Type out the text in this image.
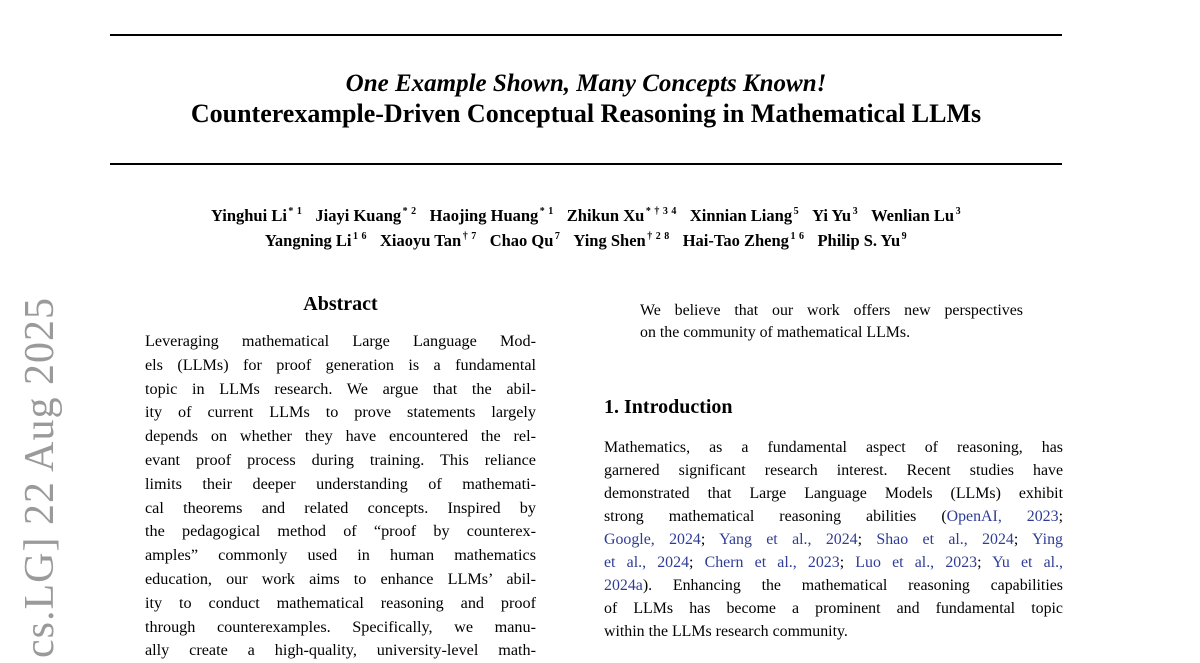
cs.LG] 22 Aug 2025
One Example Shown, Many Concepts Known!
Counterexample-Driven Conceptual Reasoning in Mathematical LLMs
Yinghui Li $^{* 1}$ Jiayi Kuang $^{* 2}$ Haojing Huang $^{* 1}$ Zhikun Xu $^{* \dagger 3 4}$ Xinnian Liang $^5$ Yi Yu $^3$ Wenlian Lu $^3$
Yangning Li $^{1 6}$ Xiaoyu Tan $^{\dagger 7}$ Chao Qu $^7$ Ying Shen $^{\dagger 2 8}$ Hai-Tao Zheng $^{1 6}$ Philip S. Yu $^9$
Abstract
Leveraging mathematical Large Language Mod-
els (LLMs) for proof generation is a fundamental
topic in LLMs research. We argue that the abil-
ity of current LLMs to prove statements largely
depends on whether they have encountered the rel-
evant proof process during training. This reliance
limits their deeper understanding of mathemati-
cal theorems and related concepts. Inspired by
the pedagogical method of “proof by counterex-
amples” commonly used in human mathematics
education, our work aims to enhance LLMs’ abil-
ity to conduct mathematical reasoning and proof
through counterexamples. Specifically, we manu-
ally create a high-quality, university-level math-
We believe that our work offers new perspectives
on the community of mathematical LLMs.
1. Introduction
Mathematics, as a fundamental aspect of reasoning, has
garnered significant research interest. Recent studies have
demonstrated that Large Language Models (LLMs) exhibit
strong mathematical reasoning abilities (OpenAI, 2023;
Google, 2024; Yang et al., 2024; Shao et al., 2024; Ying
et al., 2024; Chern et al., 2023; Luo et al., 2023; Yu et al.,
2024a). Enhancing the mathematical reasoning capabilities
of LLMs has become a prominent and fundamental topic
within the LLMs research community.
